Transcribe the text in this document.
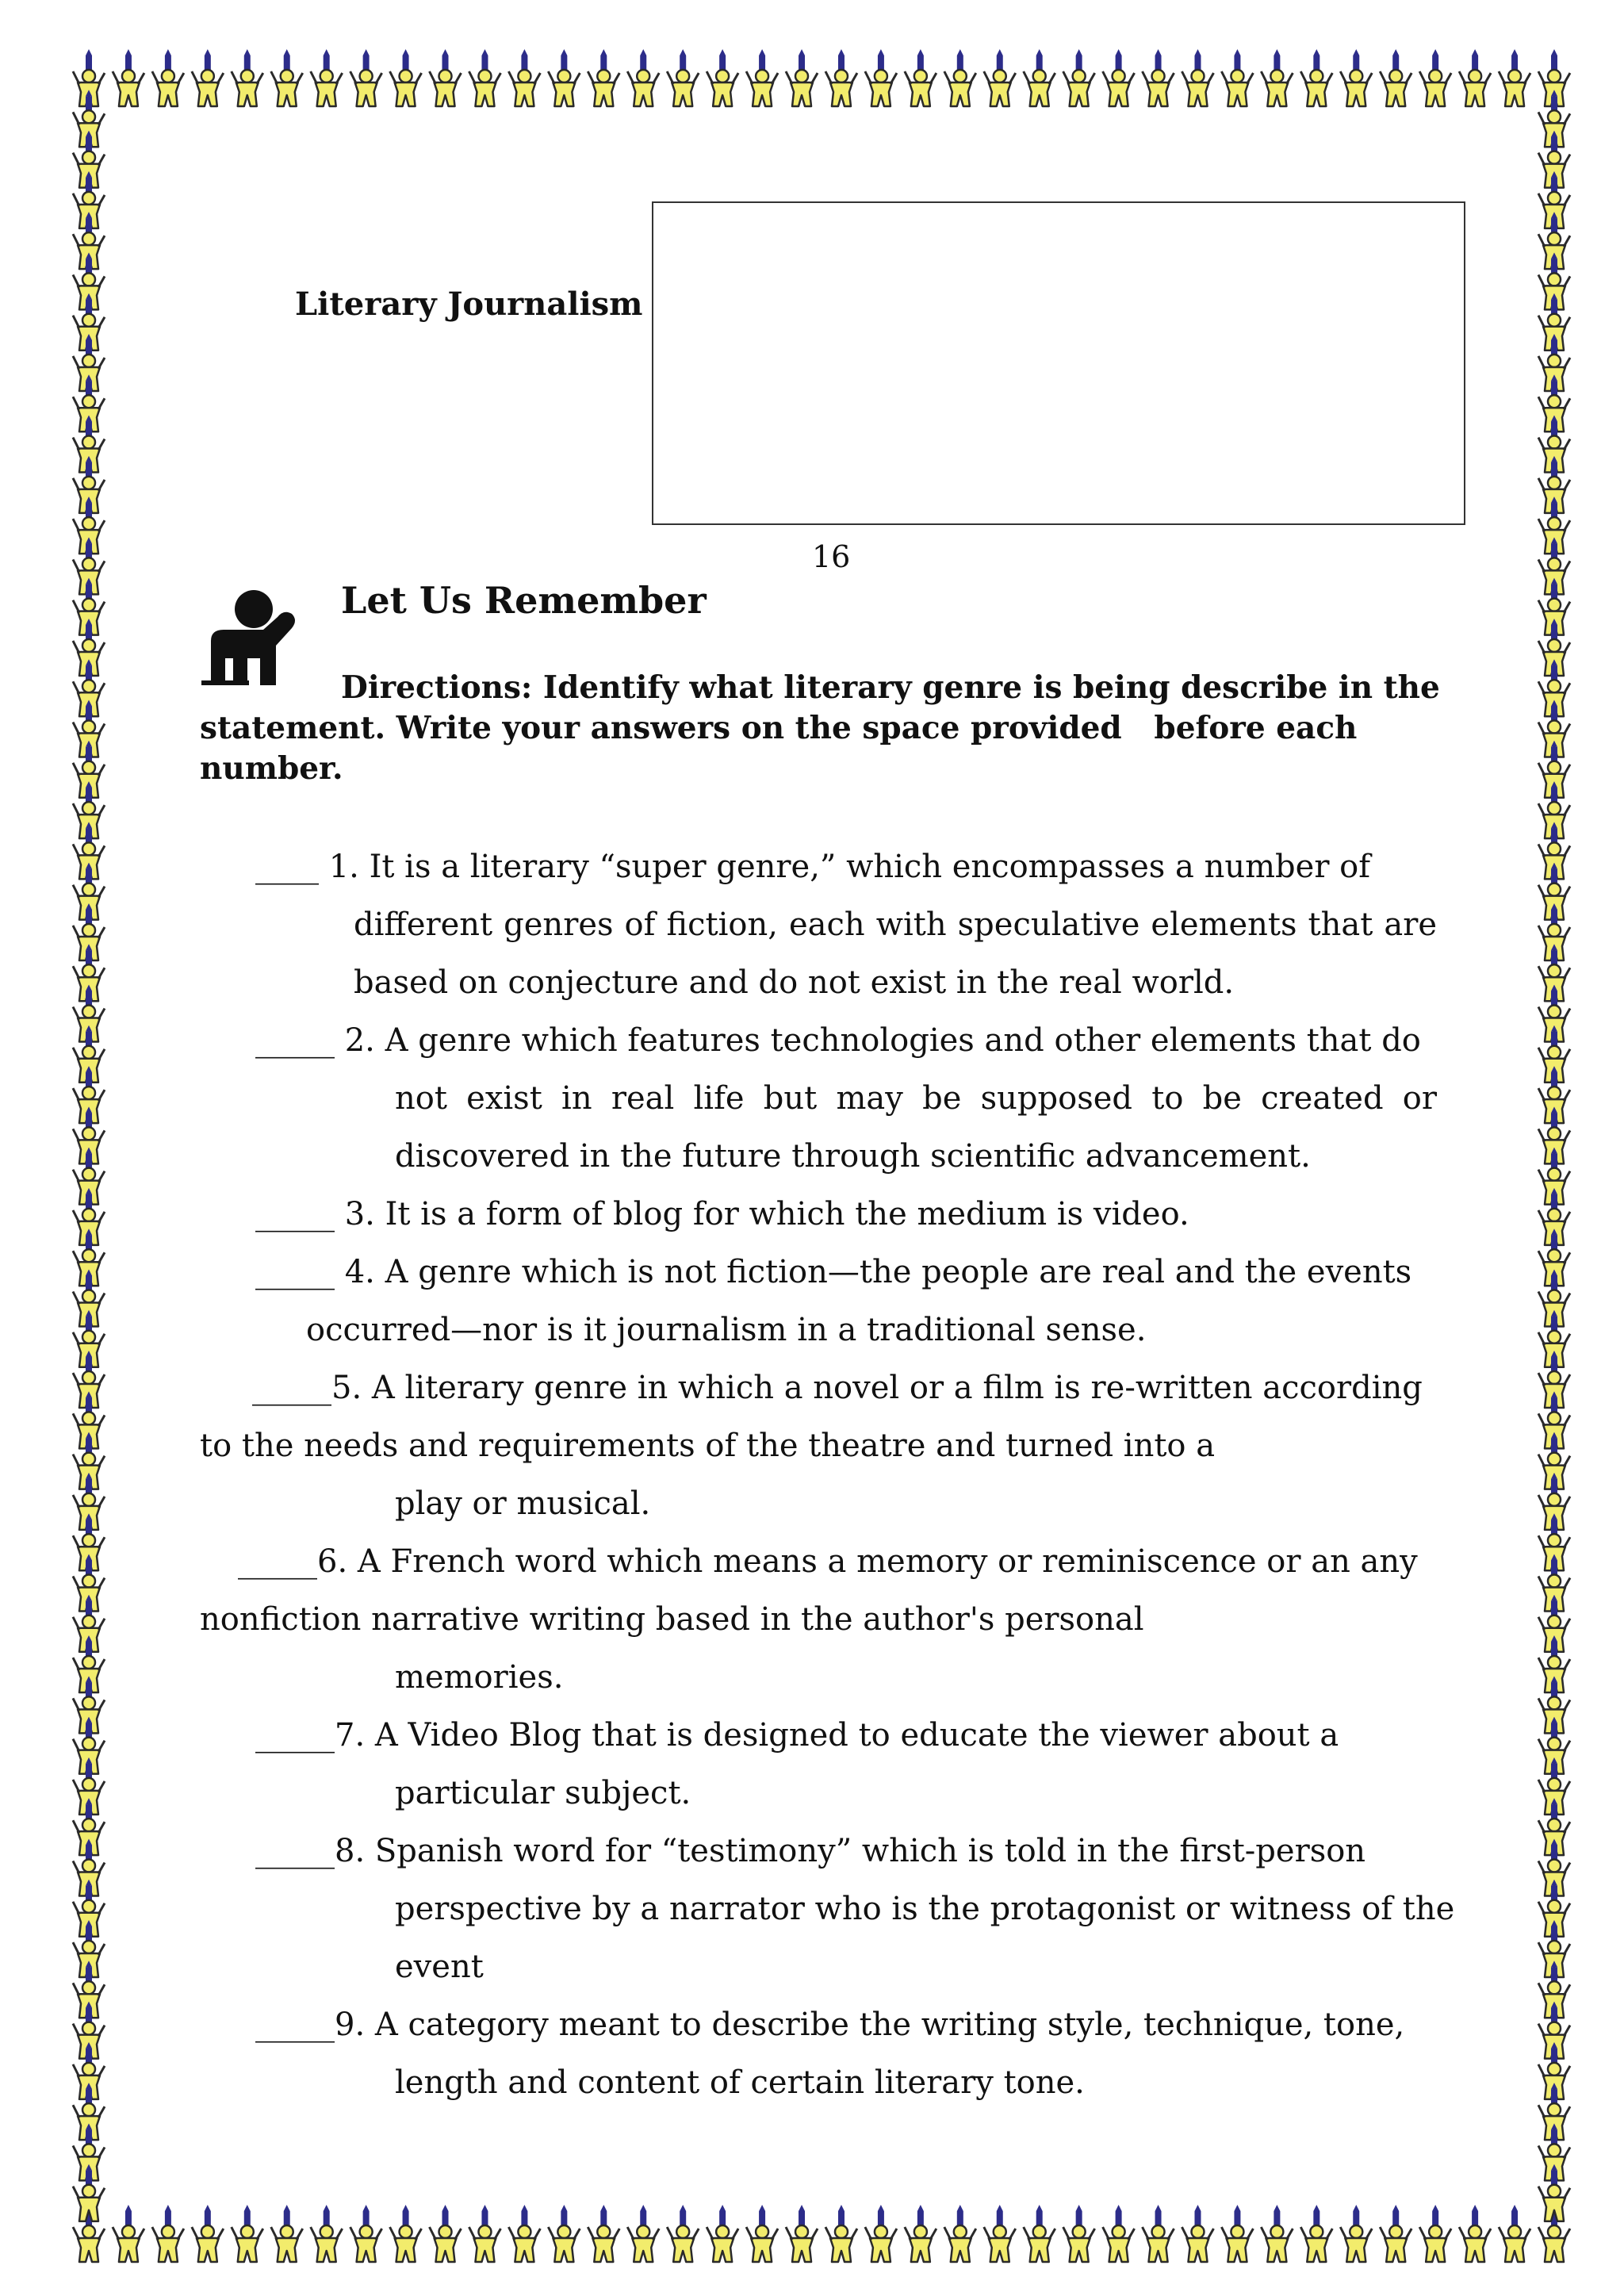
Literary Journalism
16
Let Us Remember
Directions: Identify what literary genre is being describe in the
statement. Write your answers on the space provided   before each
number.
____ 1. It is a literary “super genre,” which encompasses a number of
different genres of fiction, each with speculative elements that are
based on conjecture and do not exist in the real world.
_____ 2. A genre which features technologies and other elements that do
not exist in real life but may be supposed to be created or
discovered in the future through scientific advancement.
_____ 3. It is a form of blog for which the medium is video.
_____ 4. A genre which is not fiction—the people are real and the events
occurred—nor is it journalism in a traditional sense.
_____5. A literary genre in which a novel or a film is re-written according
to the needs and requirements of the theatre and turned into a
play or musical.
_____6. A French word which means a memory or reminiscence or an any
nonfiction narrative writing based in the author's personal
memories.
_____7. A Video Blog that is designed to educate the viewer about a
particular subject.
_____8. Spanish word for “testimony” which is told in the first-person
perspective by a narrator who is the protagonist or witness of the
event
_____9. A category meant to describe the writing style, technique, tone,
length and content of certain literary tone.
